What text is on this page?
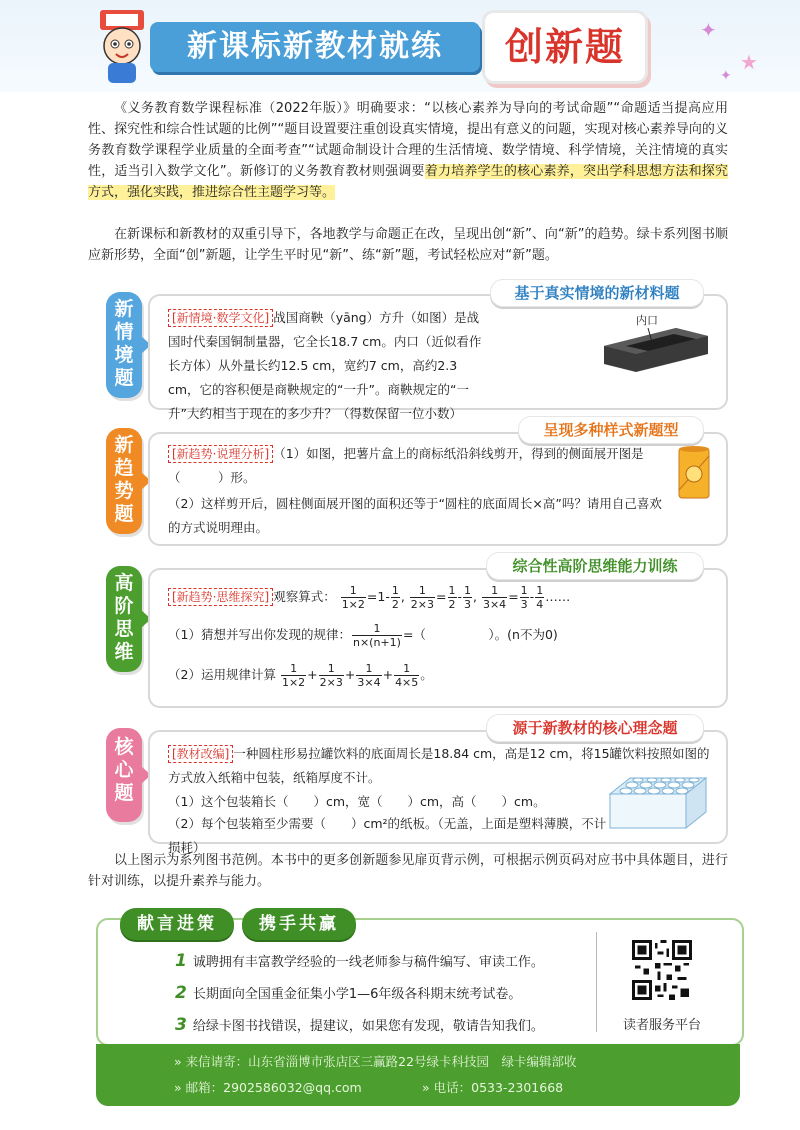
新课标新教材就练	创新题	✦
★
✦

《义务教育数学课程标准（2022年版）》明确要求：“以核心素养为导向的考试命题”“命题适当提高应用性、探究性和综合性试题的比例”“题目设置要注重创设真实情境，提出有意义的问题，实现对核心素养导向的义务教育数学课程学业质量的全面考查”“试题命制设计合理的生活情境、数学情境、科学情境，关注情境的真实性，适当引入数学文化”。新修订的义务教育教材则强调要着力培养学生的核心素养，突出学科思想方法和探究方式，强化实践，推进综合性主题学习等。

在新课标和新教材的双重引导下，各地教学与命题正在改，呈现出创“新”、向“新”的趋势。绿卡系列图书顺应新形势，全面“创”新题，让学生平时见“新”、练“新”题，考试轻松应对“新”题。

新
情
境
题
基于真实情境的新材料题

[新情境·数学文化] 战国商鞅（yāng）方升（如图）是战国时代秦国铜制量器，它全长18.7 cm。内口（近似看作长方体）从外量长约12.5 cm，宽约7 cm，高约2.3 cm，它的容积便是商鞅规定的“一升”。商鞅规定的“一升”大约相当于现在的多少升？（得数保留一位小数）

内口
新
趋
势
题
呈现多种样式新题型

[新趋势·说理分析] （1）如图，把薯片盒上的商标纸沿斜线剪开，得到的侧面展开图是（　　　）形。

（2）这样剪开后，圆柱侧面展开图的面积还等于“圆柱的底面周长×高”吗？请用自己喜欢的方式说明理由。

高
阶
思
维
综合性高阶思维能力训练
[新趋势·思维探究] 观察算式： $\frac{1}{1\times 2} =1- \frac{1}{2}$ , $\frac{1}{2\times 3} = \frac{1}{2} - \frac{1}{3}$ , $\frac{1}{3\times 4} = \frac{1}{3} - \frac{1}{4}$ ……
（1）猜想并写出你发现的规律： $\frac{1}{n\times(n+1)}$ =（　　　　　）。(n不为0)
（2）运用规律计算 $\frac{1}{1\times 2} + \frac{1}{2\times 3} + \frac{1}{3\times 4} + \frac{1}{4\times 5}$ 。
核
心
题
源于新教材的核心理念题

[教材改编] 一种圆柱形易拉罐饮料的底面周长是18.84 cm，高是12 cm，将15罐饮料按照如图的方式放入纸箱中包装，纸箱厚度不计。

（1）这个包装箱长（　　）cm，宽（　　）cm，高（　　）cm。

（2）每个包装箱至少需要（　　）cm²的纸板。（无盖，上面是塑料薄膜，不计损耗）

以上图示为系列图书范例。本书中的更多创新题参见扉页背示例，可根据示例页码对应书中具体题目，进行针对训练，以提升素养与能力。

献言进策	携手共赢
1 诚聘拥有丰富教学经验的一线老师参与稿件编写、审读工作。
2 长期面向全国重金征集小学1—6年级各科期末统考试卷。
3 给绿卡图书找错误，提建议，如果您有发现，敬请告知我们。	读者服务平台
» 来信请寄：山东省淄博市张店区三赢路22号绿卡科技园　绿卡编辑部收
» 邮箱：2902586032@qq.com	» 电话：0533-2301668
